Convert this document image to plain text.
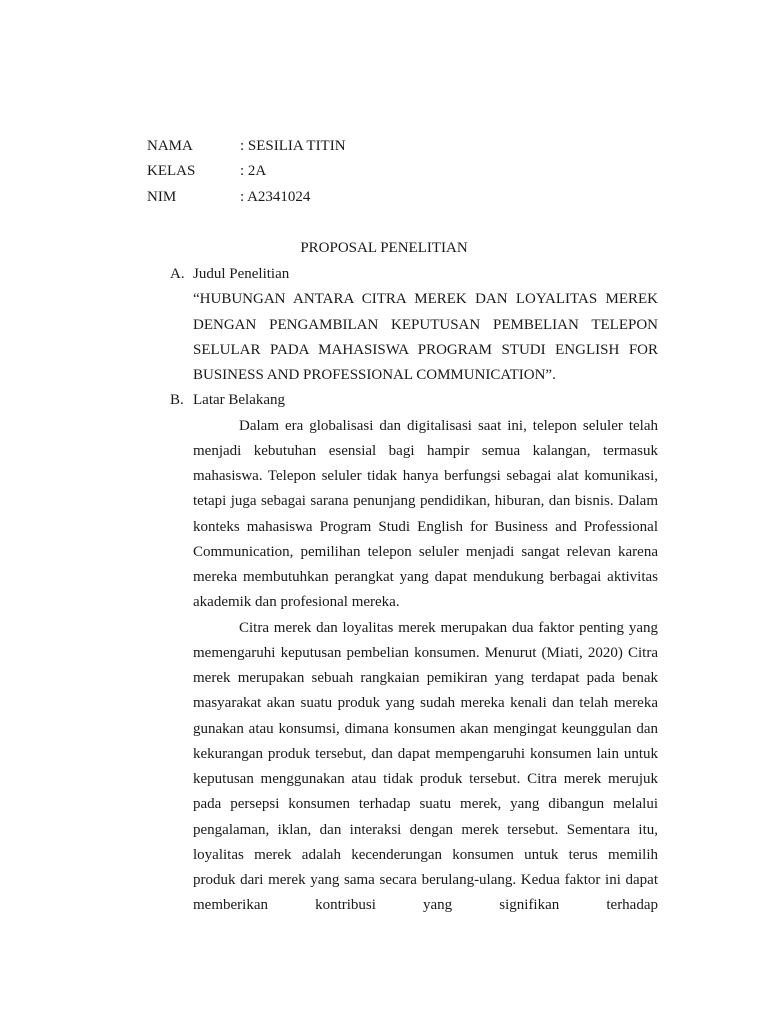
NAMA	: SESILIA TITIN
KELAS	: 2A
NIM	: A2341024
PROPOSAL PENELITIAN
A. Judul Penelitian

“HUBUNGAN ANTARA CITRA MEREK DAN LOYALITAS MEREK DENGAN PENGAMBILAN KEPUTUSAN PEMBELIAN TELEPON SELULAR PADA MAHASISWA PROGRAM STUDI ENGLISH FOR BUSINESS AND PROFESSIONAL COMMUNICATION”.

B. Latar Belakang

Dalam era globalisasi dan digitalisasi saat ini, telepon seluler telah menjadi kebutuhan esensial bagi hampir semua kalangan, termasuk mahasiswa. Telepon seluler tidak hanya berfungsi sebagai alat komunikasi, tetapi juga sebagai sarana penunjang pendidikan, hiburan, dan bisnis. Dalam konteks mahasiswa Program Studi English for Business and Professional Communication, pemilihan telepon seluler menjadi sangat relevan karena mereka membutuhkan perangkat yang dapat mendukung berbagai aktivitas akademik dan profesional mereka.

Citra merek dan loyalitas merek merupakan dua faktor penting yang memengaruhi keputusan pembelian konsumen. Menurut (Miati, 2020) Citra merek merupakan sebuah rangkaian pemikiran yang terdapat pada benak masyarakat akan suatu produk yang sudah mereka kenali dan telah mereka gunakan atau konsumsi, dimana konsumen akan mengingat keunggulan dan kekurangan produk tersebut, dan dapat mempengaruhi konsumen lain untuk keputusan menggunakan atau tidak produk tersebut. Citra merek merujuk pada persepsi konsumen terhadap suatu merek, yang dibangun melalui pengalaman, iklan, dan interaksi dengan merek tersebut. Sementara itu, loyalitas merek adalah kecenderungan konsumen untuk terus memilih produk dari merek yang sama secara berulang-ulang. Kedua faktor ini dapat memberikan kontribusi yang signifikan terhadap
